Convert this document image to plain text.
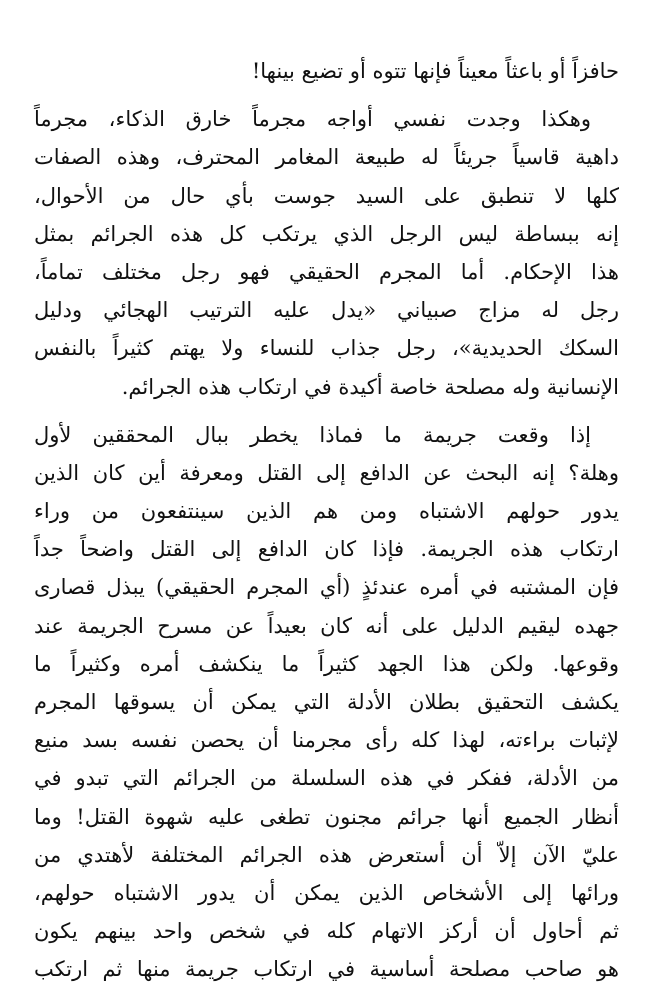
حافزاً أو باعثاً معيناً فإنها تتوه أو تضيع بينها!
وهكذا وجدت نفسي أواجه مجرماً خارق الذكاء، مجرماً
داهية قاسياً جريئاً له طبيعة المغامر المحترف، وهذه الصفات
كلها لا تنطبق على السيد جوست بأي حال من الأحوال،
إنه ببساطة ليس الرجل الذي يرتكب كل هذه الجرائم بمثل
هذا الإحكام. أما المجرم الحقيقي فهو رجل مختلف تماماً،
رجل له مزاج صبياني «يدل عليه الترتيب الهجائي ودليل
السكك الحديدية»، رجل جذاب للنساء ولا يهتم كثيراً بالنفس
الإنسانية وله مصلحة خاصة أكيدة في ارتكاب هذه الجرائم.
إذا وقعت جريمة ما فماذا يخطر ببال المحققين لأول
وهلة؟ إنه البحث عن الدافع إلى القتل ومعرفة أين كان الذين
يدور حولهم الاشتباه ومن هم الذين سينتفعون من وراء
ارتكاب هذه الجريمة. فإذا كان الدافع إلى القتل واضحاً جداً
فإن المشتبه في أمره عندئذٍ (أي المجرم الحقيقي) يبذل قصارى
جهده ليقيم الدليل على أنه كان بعيداً عن مسرح الجريمة عند
وقوعها. ولكن هذا الجهد كثيراً ما ينكشف أمره وكثيراً ما
يكشف التحقيق بطلان الأدلة التي يمكن أن يسوقها المجرم
لإثبات براءته، لهذا كله رأى مجرمنا أن يحصن نفسه بسد منيع
من الأدلة، ففكر في هذه السلسلة من الجرائم التي تبدو في
أنظار الجميع أنها جرائم مجنون تطغى عليه شهوة القتل! وما
عليّ الآن إلاّ أن أستعرض هذه الجرائم المختلفة لأهتدي من
ورائها إلى الأشخاص الذين يمكن أن يدور الاشتباه حولهم،
ثم أحاول أن أركز الاتهام كله في شخص واحد بينهم يكون
هو صاحب مصلحة أساسية في ارتكاب جريمة منها ثم ارتكب
